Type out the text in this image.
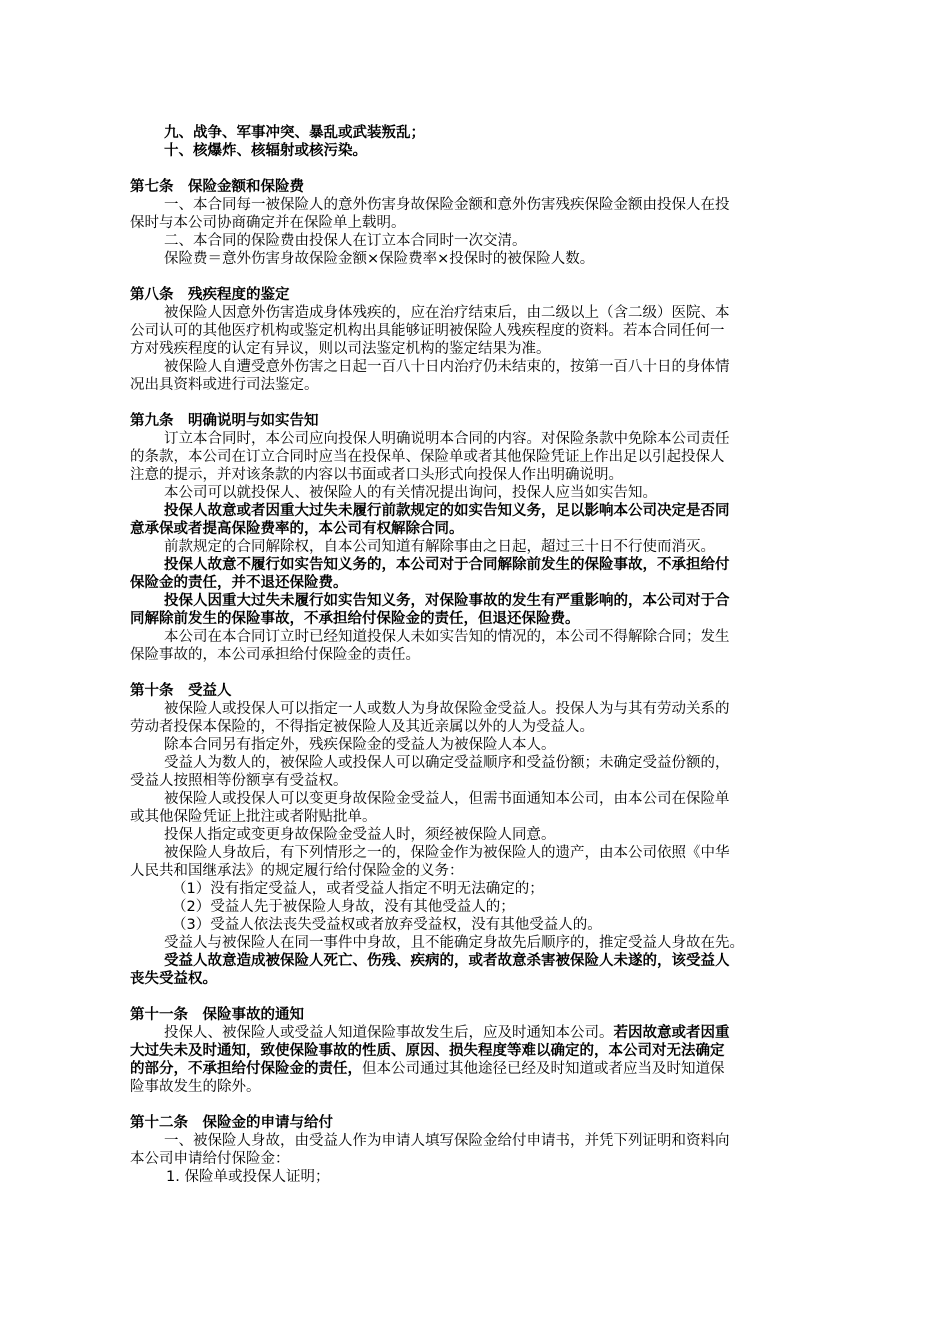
九、战争、军事冲突、暴乱或武装叛乱；
十、核爆炸、核辐射或核污染。
第七条　保险金额和保险费
一、本合同每一被保险人的意外伤害身故保险金额和意外伤害残疾保险金额由投保人在投
保时与本公司协商确定并在保险单上载明。
二、本合同的保险费由投保人在订立本合同时一次交清。
保险费＝意外伤害身故保险金额×保险费率×投保时的被保险人数。
第八条　残疾程度的鉴定
被保险人因意外伤害造成身体残疾的，应在治疗结束后，由二级以上（含二级）医院、本
公司认可的其他医疗机构或鉴定机构出具能够证明被保险人残疾程度的资料。若本合同任何一
方对残疾程度的认定有异议，则以司法鉴定机构的鉴定结果为准。
被保险人自遭受意外伤害之日起一百八十日内治疗仍未结束的，按第一百八十日的身体情
况出具资料或进行司法鉴定。
第九条　明确说明与如实告知
订立本合同时，本公司应向投保人明确说明本合同的内容。对保险条款中免除本公司责任
的条款，本公司在订立合同时应当在投保单、保险单或者其他保险凭证上作出足以引起投保人
注意的提示，并对该条款的内容以书面或者口头形式向投保人作出明确说明。
本公司可以就投保人、被保险人的有关情况提出询问，投保人应当如实告知。
投保人故意或者因重大过失未履行前款规定的如实告知义务，足以影响本公司决定是否同
意承保或者提高保险费率的，本公司有权解除合同。
前款规定的合同解除权，自本公司知道有解除事由之日起，超过三十日不行使而消灭。
投保人故意不履行如实告知义务的，本公司对于合同解除前发生的保险事故，不承担给付
保险金的责任，并不退还保险费。
投保人因重大过失未履行如实告知义务，对保险事故的发生有严重影响的，本公司对于合
同解除前发生的保险事故，不承担给付保险金的责任，但退还保险费。
本公司在本合同订立时已经知道投保人未如实告知的情况的，本公司不得解除合同；发生
保险事故的，本公司承担给付保险金的责任。
第十条　受益人
被保险人或投保人可以指定一人或数人为身故保险金受益人。投保人为与其有劳动关系的
劳动者投保本保险的，不得指定被保险人及其近亲属以外的人为受益人。
除本合同另有指定外，残疾保险金的受益人为被保险人本人。
受益人为数人的，被保险人或投保人可以确定受益顺序和受益份额；未确定受益份额的，
受益人按照相等份额享有受益权。
被保险人或投保人可以变更身故保险金受益人，但需书面通知本公司，由本公司在保险单
或其他保险凭证上批注或者附贴批单。
投保人指定或变更身故保险金受益人时，须经被保险人同意。
被保险人身故后，有下列情形之一的，保险金作为被保险人的遗产，由本公司依照《中华
人民共和国继承法》的规定履行给付保险金的义务：
（1）没有指定受益人，或者受益人指定不明无法确定的；
（2）受益人先于被保险人身故，没有其他受益人的；
（3）受益人依法丧失受益权或者放弃受益权，没有其他受益人的。
受益人与被保险人在同一事件中身故，且不能确定身故先后顺序的，推定受益人身故在先。
受益人故意造成被保险人死亡、伤残、疾病的，或者故意杀害被保险人未遂的，该受益人
丧失受益权。
第十一条　保险事故的通知
投保人、被保险人或受益人知道保险事故发生后，应及时通知本公司。若因故意或者因重
大过失未及时通知，致使保险事故的性质、原因、损失程度等难以确定的，本公司对无法确定
的部分，不承担给付保险金的责任，但本公司通过其他途径已经及时知道或者应当及时知道保
险事故发生的除外。
第十二条　保险金的申请与给付
一、被保险人身故，由受益人作为申请人填写保险金给付申请书，并凭下列证明和资料向
本公司申请给付保险金：
1. 保险单或投保人证明；
